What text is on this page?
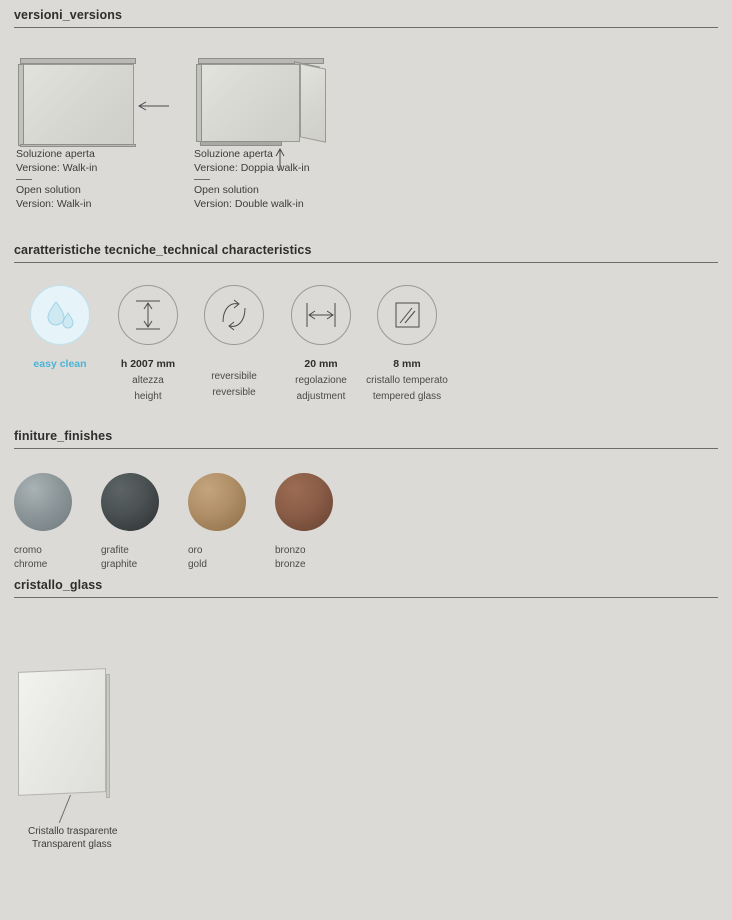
versioni_versions
Soluzione aperta
Versione: Walk-in
Open solution
Version: Walk-in
Soluzione aperta
Versione: Doppia walk-in
Open solution
Version: Double walk-in
caratteristiche tecniche_technical characteristics
easy clean	h 2007 mm
altezza
height
reversibile
reversible
20 mm
regolazione
adjustment
8 mm
cristallo temperato
tempered glass
finiture_finishes
cromo
chrome
grafite
graphite
oro
gold
bronzo
bronze
cristallo_glass
Cristallo trasparente
Transparent glass
